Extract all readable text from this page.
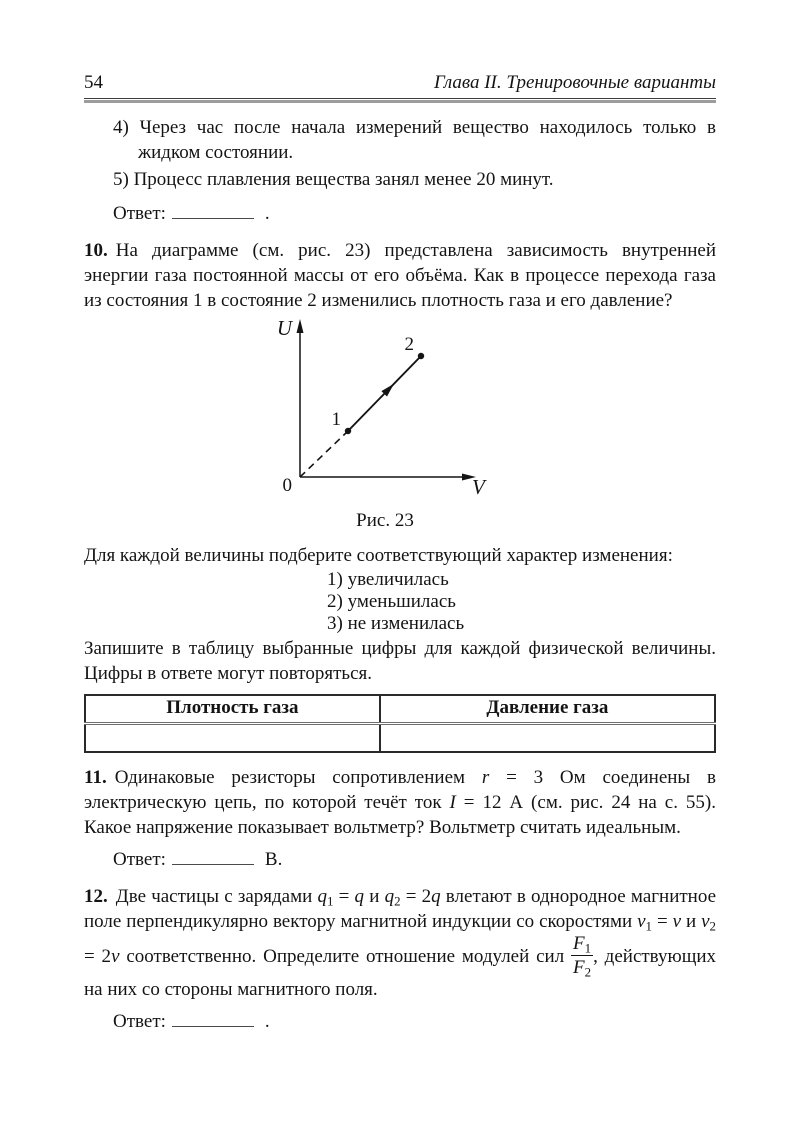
54	Глава II. Тренировочные варианты
4) Через час после начала измерений вещество находилось только в жидком состоянии.
5) Процесс плавления вещества занял менее 20 минут.
Ответ:	.

10. На диаграмме (см. рис. 23) представлена зависимость внутренней энергии газа постоянной массы от его объёма. Как в процессе перехода газа из состояния 1 в состояние 2 изменились плотность газа и его давление?

U
V
0
1
2
Рис. 23
Для каждой величины подберите соответствующий характер изменения:
1) увеличилась
2) уменьшилась
3) не изменилась
Запишите в таблицу выбранные цифры для каждой физической величины. Цифры в ответе могут повторяться.
Плотность газа	Давление газа

11. Одинаковые резисторы сопротивлением r = 3 Ом соединены в электрическую цепь, по которой течёт ток I = 12 А (см. рис. 24 на с. 55). Какое напряжение показывает вольтметр? Вольтметр считать идеальным.

Ответ:	В.

12. Две частицы с зарядами $q_1 = q$ и $q_2 = 2q$ влетают в однородное магнитное поле перпендикулярно вектору магнитной индукции со скоростями $v_1 = v$ и $v_2 = 2v$ соответственно. Определите отношение модулей сил $\frac{F_1}{F_2}$ , действующих на них со стороны магнитного поля.

Ответ:	.
